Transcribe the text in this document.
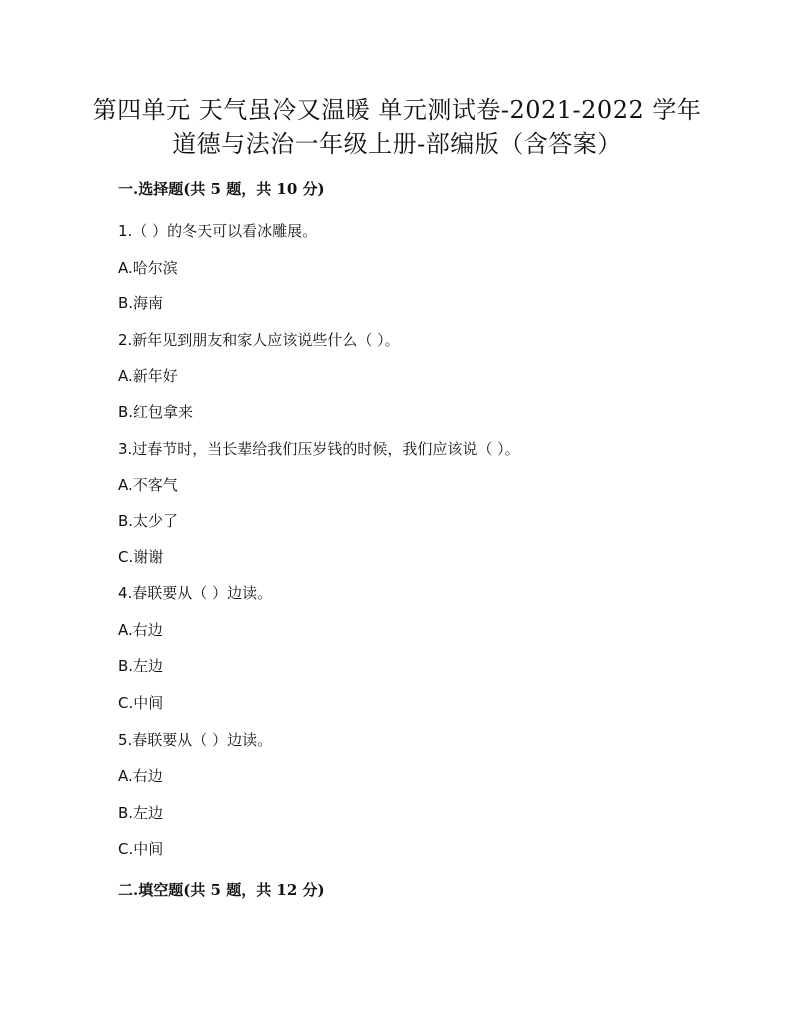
第四单元 天气虽冷又温暖 单元测试卷-2021-2022 学年
道德与法治一年级上册-部编版（含答案）
一.选择题(共 5 题，共 10 分)
1.（ ）的冬天可以看冰雕展。
A.哈尔滨
B.海南
2.新年见到朋友和家人应该说些什么（ ）。
A.新年好
B.红包拿来
3.过春节时，当长辈给我们压岁钱的时候，我们应该说（ ）。
A.不客气
B.太少了
C.谢谢
4.春联要从（ ）边读。
A.右边
B.左边
C.中间
5.春联要从（ ）边读。
A.右边
B.左边
C.中间
二.填空题(共 5 题，共 12 分)
